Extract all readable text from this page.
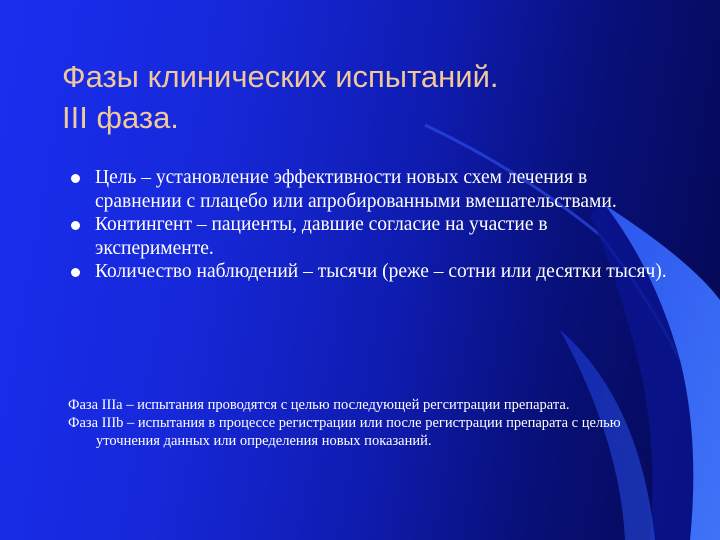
Фазы клинических испытаний.
III фаза.
Цель – установление эффективности новых схем лечения в сравнении с плацебо или апробированными вмешательствами.
Контингент – пациенты, давшие согласие на участие в эксперименте.
Количество наблюдений – тысячи (реже – сотни или десятки тысяч).

Фаза IIIa – испытания проводятся с целью последующей регситрации препарата.

Фаза IIIb – испытания в процессе регистрации или после регистрации препарата с целью уточнения данных или определения новых показаний.
